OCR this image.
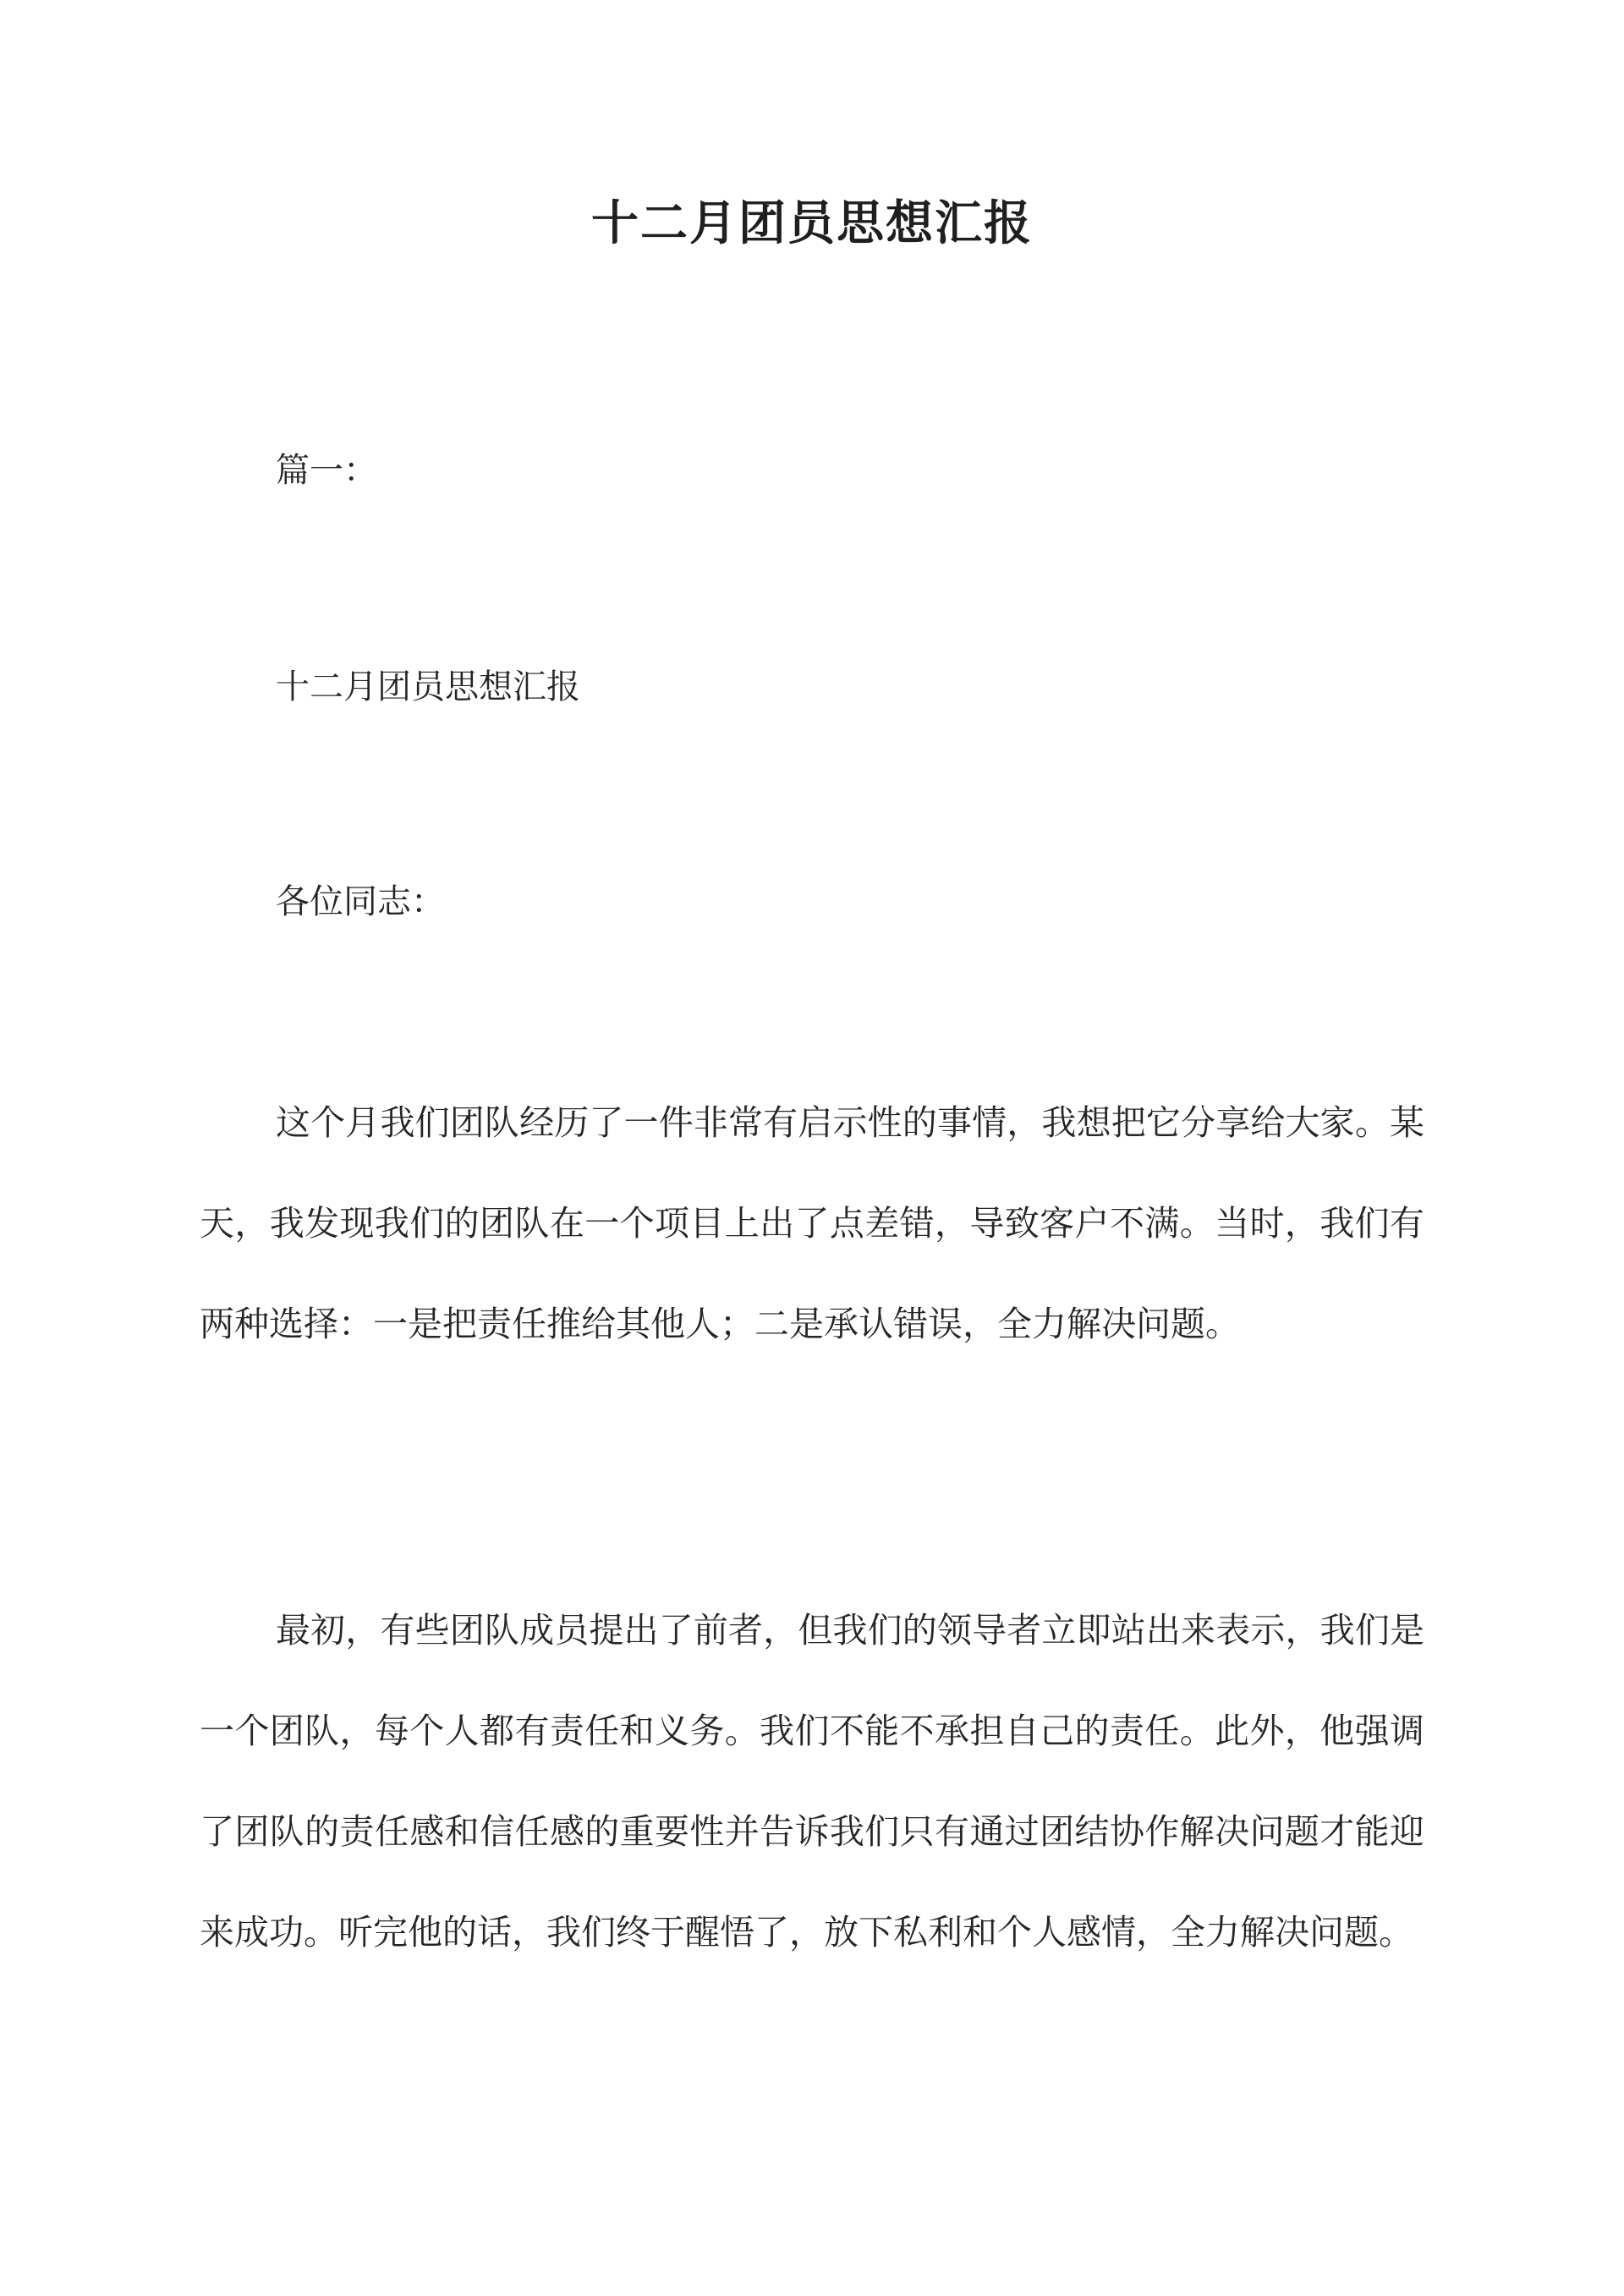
十二月团员思想汇报
篇一：
十二月团员思想汇报
各位同志：

这个月我们团队经历了一件非常有启示性的事情，我想把它分享给大家。某天，我发现我们的团队在一个项目上出了点差错，导致客户不满。当时，我们有两种选择：一是把责任推给其他人；二是承认错误，全力解决问题。

最初，有些团队成员提出了前者，但我们的领导者立即站出来表示，我们是一个团队，每个人都有责任和义务。我们不能不承担自己的责任。此外，他强调了团队的责任感和信任感的重要性并告诉我们只有通过团结协作解决问题才能迎来成功。听完他的话，我们终于醒悟了，放下私利和个人感情，全力解决问题。
